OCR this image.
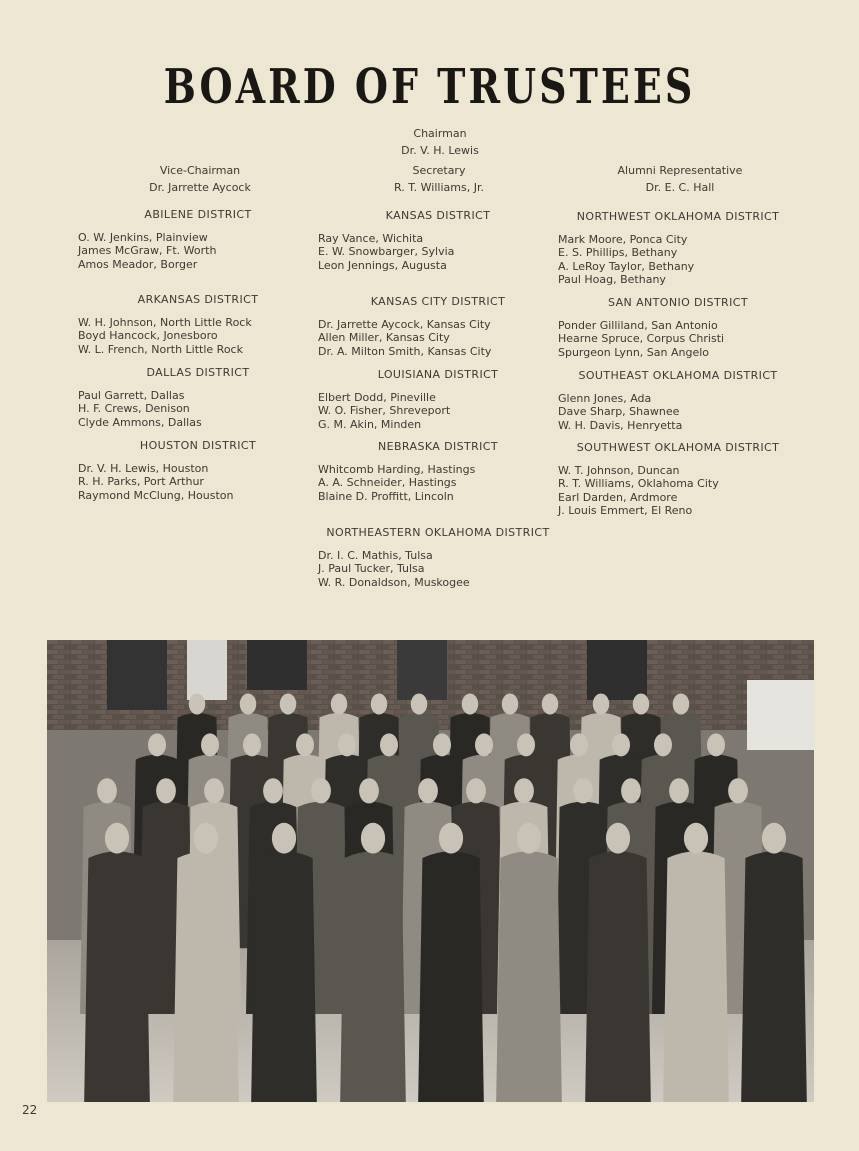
BOARD OF TRUSTEES
Chairman
Dr. V. H. Lewis
Vice-Chairman
Dr. Jarrette Aycock
Secretary
R. T. Williams, Jr.
Alumni Representative
Dr. E. C. Hall
ABILENE DISTRICT
O. W. Jenkins, Plainview
James McGraw, Ft. Worth
Amos Meador, Borger
ARKANSAS DISTRICT
W. H. Johnson, North Little Rock
Boyd Hancock, Jonesboro
W. L. French, North Little Rock
DALLAS DISTRICT
Paul Garrett, Dallas
H. F. Crews, Denison
Clyde Ammons, Dallas
HOUSTON DISTRICT
Dr. V. H. Lewis, Houston
R. H. Parks, Port Arthur
Raymond McClung, Houston
KANSAS DISTRICT
Ray Vance, Wichita
E. W. Snowbarger, Sylvia
Leon Jennings, Augusta
KANSAS CITY DISTRICT
Dr. Jarrette Aycock, Kansas City
Allen Miller, Kansas City
Dr. A. Milton Smith, Kansas City
LOUISIANA DISTRICT
Elbert Dodd, Pineville
W. O. Fisher, Shreveport
G. M. Akin, Minden
NEBRASKA DISTRICT
Whitcomb Harding, Hastings
A. A. Schneider, Hastings
Blaine D. Proffitt, Lincoln
NORTHWEST OKLAHOMA DISTRICT
Mark Moore, Ponca City
E. S. Phillips, Bethany
A. LeRoy Taylor, Bethany
Paul Hoag, Bethany
SAN ANTONIO DISTRICT
Ponder Gilliland, San Antonio
Hearne Spruce, Corpus Christi
Spurgeon Lynn, San Angelo
SOUTHEAST OKLAHOMA DISTRICT
Glenn Jones, Ada
Dave Sharp, Shawnee
W. H. Davis, Henryetta
SOUTHWEST OKLAHOMA DISTRICT
W. T. Johnson, Duncan
R. T. Williams, Oklahoma City
Earl Darden, Ardmore
J. Louis Emmert, El Reno
NORTHEASTERN OKLAHOMA DISTRICT
Dr. I. C. Mathis, Tulsa
J. Paul Tucker, Tulsa
W. R. Donaldson, Muskogee
22
